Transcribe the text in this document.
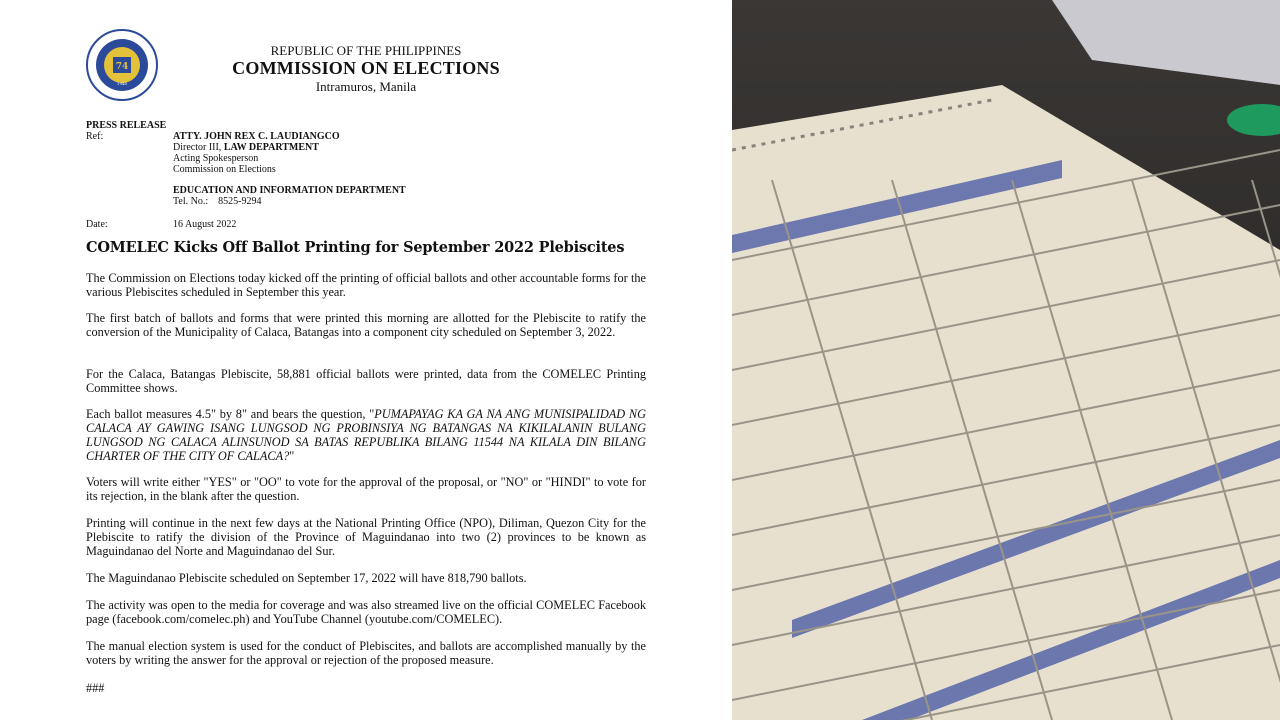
74
1940
REPUBLIC OF THE PHILIPPINES
COMMISSION ON ELECTIONS
Intramuros, Manila
PRESS RELEASE
Ref:	ATTY. JOHN REX C. LAUDIANGCO
Director III, LAW DEPARTMENT
Acting Spokesperson
Commission on Elections
EDUCATION AND INFORMATION DEPARTMENT
Tel. No.:    8525-9294
Date:	16 August 2022
COMELEC Kicks Off Ballot Printing for September 2022 Plebiscites
The Commission on Elections today kicked off the printing of official ballots and other accountable forms for the various Plebiscites scheduled in September this year.
The first batch of ballots and forms that were printed this morning are allotted for the Plebiscite to ratify the conversion of the Municipality of Calaca, Batangas into a component city scheduled on September 3, 2022.
For the Calaca, Batangas Plebiscite, 58,881 official ballots were printed, data from the COMELEC Printing Committee shows.
Each ballot measures 4.5" by 8" and bears the question, "PUMAPAYAG KA GA NA ANG MUNISIPALIDAD NG CALACA AY GAWING ISANG LUNGSOD NG PROBINSIYA NG BATANGAS NA KIKILALANIN BULANG LUNGSOD NG CALACA ALINSUNOD SA BATAS REPUBLIKA BILANG 11544 NA KILALA DIN BILANG CHARTER OF THE CITY OF CALACA?"
Voters will write either "YES" or "OO" to vote for the approval of the proposal, or "NO" or "HINDI" to vote for its rejection, in the blank after the question.
Printing will continue in the next few days at the National Printing Office (NPO), Diliman, Quezon City for the Plebiscite to ratify the division of the Province of Maguindanao into two (2) provinces to be known as Maguindanao del Norte and Maguindanao del Sur.
The Maguindanao Plebiscite scheduled on September 17, 2022 will have 818,790 ballots.
The activity was open to the media for coverage and was also streamed live on the official COMELEC Facebook page (facebook.com/comelec.ph) and YouTube Channel (youtube.com/COMELEC).
The manual election system is used for the conduct of Plebiscites, and ballots are accomplished manually by the voters by writing the answer for the approval or rejection of the proposed measure.
###
